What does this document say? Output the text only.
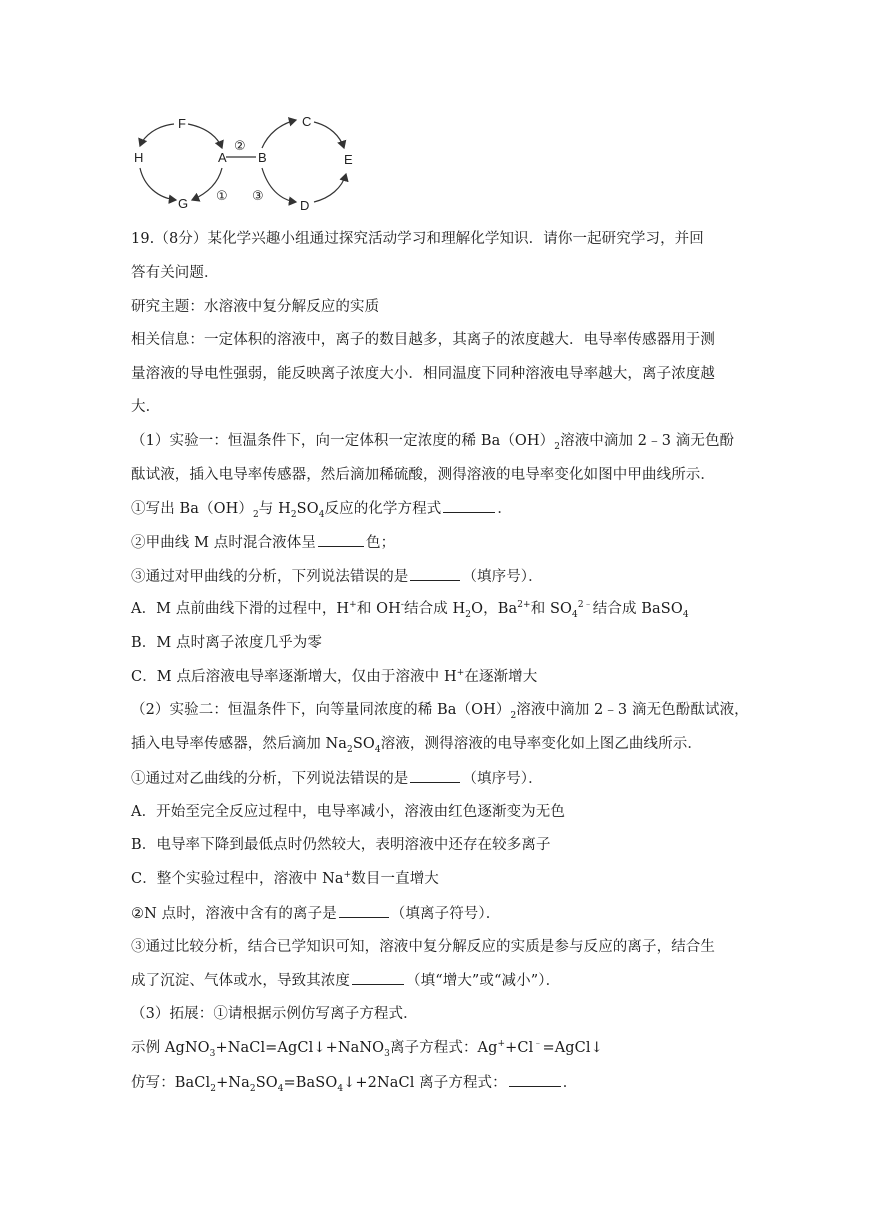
F
H	A B
G
C
E
D
②
① ③
19.（8分）某化学兴趣小组通过探究活动学习和理解化学知识．请你一起研究学习，并回
答有关问题．
研究主题：水溶液中复分解反应的实质
相关信息：一定体积的溶液中，离子的数目越多，其离子的浓度越大．电导率传感器用于测
量溶液的导电性强弱，能反映离子浓度大小．相同温度下同种溶液电导率越大，离子浓度越
大．
（1）实验一：恒温条件下，向一定体积一定浓度的稀 $Ba(OH)_2$溶液中滴加 2﹣3 滴无色酚
酞试液，插入电导率传感器，然后滴加稀硫酸，测得溶液的电导率变化如图中甲曲线所示．
①写出 $Ba(OH)_2$与 $H_2SO_4$反应的化学方程式	．
②甲曲线 M 点时混合液体呈	色；
③通过对甲曲线的分析，下列说法错误的是	（填序号）．
A．M 点前曲线下滑的过程中，H+和 OH-结合成 $H_2O$，$Ba^{2+}$和 $SO_4^{2﹣}$结合成 BaSO$_4$
B．M 点时离子浓度几乎为零
C．M 点后溶液电导率逐渐增大，仅由于溶液中 H+在逐渐增大
（2）实验二：恒温条件下，向等量同浓度的稀 $Ba(OH)_2$溶液中滴加 2﹣3 滴无色酚酞试液，
插入电导率传感器，然后滴加 $Na_2SO_4$溶液，测得溶液的电导率变化如上图乙曲线所示．
①通过对乙曲线的分析，下列说法错误的是	（填序号）．
A．开始至完全反应过程中，电导率减小，溶液由红色逐渐变为无色
B．电导率下降到最低点时仍然较大，表明溶液中还存在较多离子
C．整个实验过程中，溶液中 Na+数目一直增大
②N 点时，溶液中含有的离子是	（填离子符号）．
③通过比较分析，结合已学知识可知，溶液中复分解反应的实质是参与反应的离子，结合生
成了沉淀、气体或水，导致其浓度	（填“增大”或“减小”）．
（3）拓展：①请根据示例仿写离子方程式．
示例 AgNO$_3$+NaCl=AgCl↓+NaNO$_3$离子方程式：Ag++Cl﹣=AgCl↓
仿写：$BaCl_2+Na_2SO_4=BaSO_4↓+2NaCl$ 离子方程式：	．
